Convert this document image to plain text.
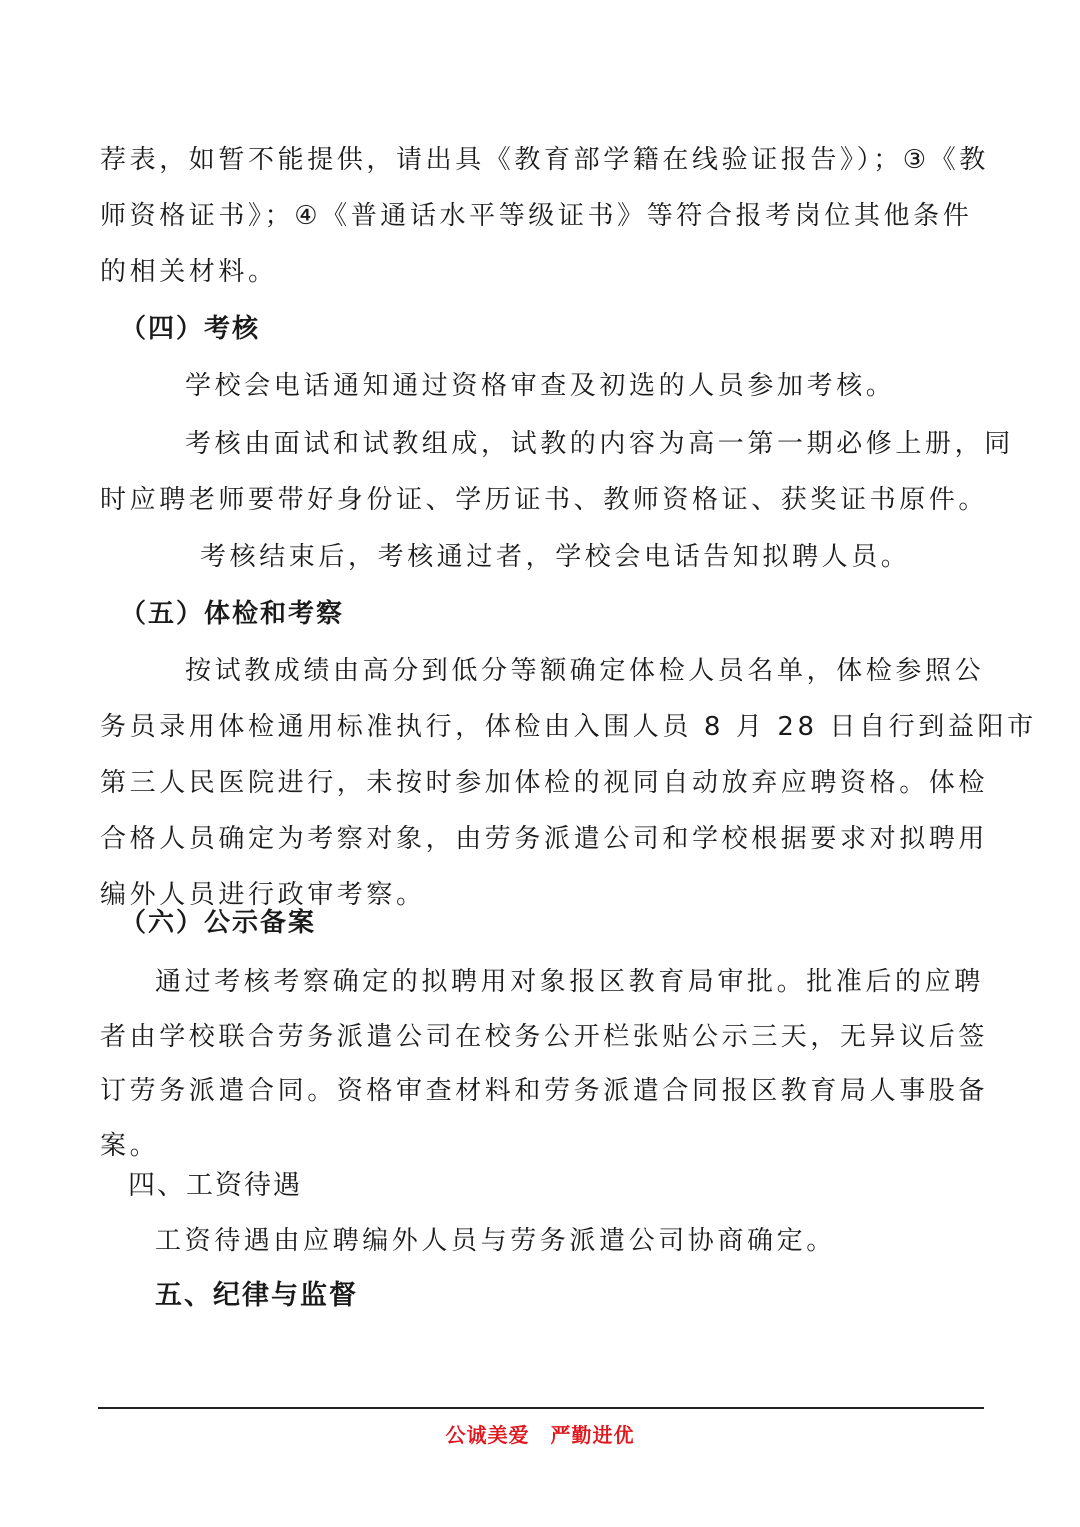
荐表，如暂不能提供，请出具《教育部学籍在线验证报告》）；③《教
师资格证书》；④《普通话水平等级证书》等符合报考岗位其他条件
的相关材料。
（四）考核
学校会电话通知通过资格审查及初选的人员参加考核。
考核由面试和试教组成，试教的内容为高一第一期必修上册，同
时应聘老师要带好身份证、学历证书、教师资格证、获奖证书原件。
考核结束后，考核通过者，学校会电话告知拟聘人员。
（五）体检和考察
按试教成绩由高分到低分等额确定体检人员名单，体检参照公
务员录用体检通用标准执行，体检由入围人员 8 月 28 日自行到益阳市
第三人民医院进行，未按时参加体检的视同自动放弃应聘资格。体检
合格人员确定为考察对象，由劳务派遣公司和学校根据要求对拟聘用
编外人员进行政审考察。
（六）公示备案
通过考核考察确定的拟聘用对象报区教育局审批。批准后的应聘
者由学校联合劳务派遣公司在校务公开栏张贴公示三天，无异议后签
订劳务派遣合同。资格审查材料和劳务派遣合同报区教育局人事股备
案。
四、工资待遇
工资待遇由应聘编外人员与劳务派遣公司协商确定。
五、纪律与监督
公诚美爱　严勤进优
